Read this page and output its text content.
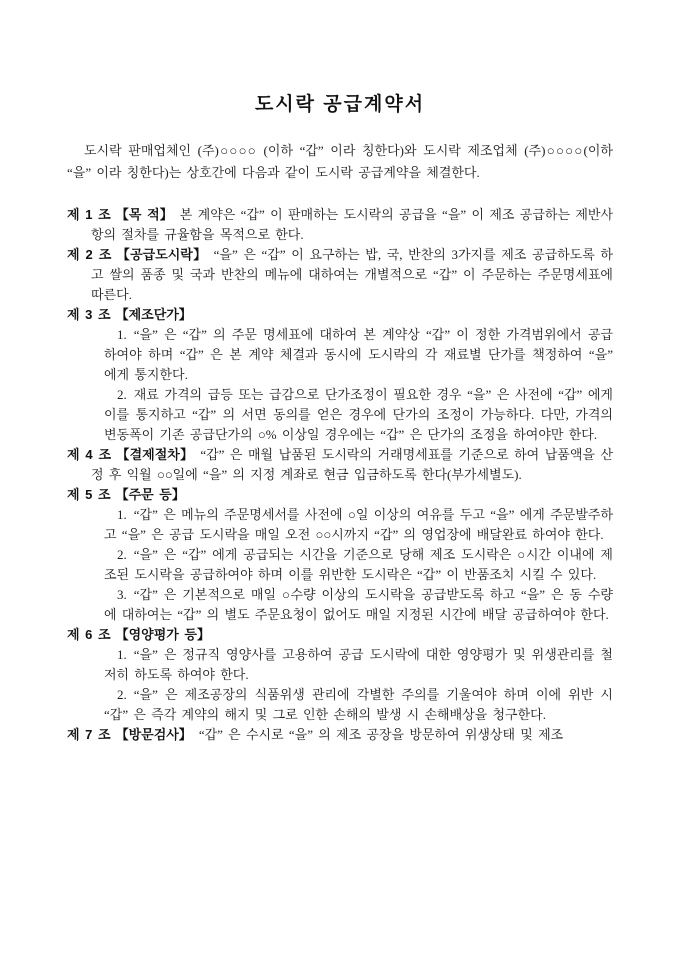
도시락 공급계약서

도시락 판매업체인 (주)○○○○ (이하 “갑” 이라 칭한다)와 도시락 제조업체 (주)○○○○(이하 “을” 이라 칭한다)는 상호간에 다음과 같이 도시락 공급계약을 체결한다.

제 1 조 【목 적】 본 계약은 “갑” 이 판매하는 도시락의 공급을 “을” 이 제조 공급하는 제반사항의 절차를 규율함을 목적으로 한다.

제 2 조 【공급도시락】 “을” 은 “갑” 이 요구하는 밥, 국, 반찬의 3가지를 제조 공급하도록 하고 쌀의 품종 및 국과 반찬의 메뉴에 대하여는 개별적으로 “갑” 이 주문하는 주문명세표에 따른다.

제 3 조 【제조단가】

1. “을” 은 “갑” 의 주문 명세표에 대하여 본 계약상 “갑” 이 정한 가격범위에서 공급하여야 하며 “갑” 은 본 계약 체결과 동시에 도시락의 각 재료별 단가를 책정하여 “을” 에게 통지한다.

2. 재료 가격의 급등 또는 급감으로 단가조정이 필요한 경우 “을” 은 사전에 “갑” 에게 이를 통지하고 “갑” 의 서면 동의를 얻은 경우에 단가의 조정이 가능하다. 다만, 가격의 변동폭이 기존 공급단가의 ○% 이상일 경우에는 “갑” 은 단가의 조정을 하여야만 한다.

제 4 조 【결제절차】 “갑” 은 매월 납품된 도시락의 거래명세표를 기준으로 하여 납품액을 산정 후 익월 ○○일에 “을” 의 지정 계좌로 현금 입금하도록 한다(부가세별도).

제 5 조 【주문 등】

1. “갑” 은 메뉴의 주문명세서를 사전에 ○일 이상의 여유를 두고 “을” 에게 주문발주하고 “을” 은 공급 도시락을 매일 오전 ○○시까지 “갑” 의 영업장에 배달완료 하여야 한다.

2. “을” 은 “갑” 에게 공급되는 시간을 기준으로 당해 제조 도시락은 ○시간 이내에 제조된 도시락을 공급하여야 하며 이를 위반한 도시락은 “갑” 이 반품조치 시킬 수 있다.

3. “갑” 은 기본적으로 매일 ○수량 이상의 도시락을 공급받도록 하고 “을” 은 동 수량에 대하여는 “갑” 의 별도 주문요청이 없어도 매일 지정된 시간에 배달 공급하여야 한다.

제 6 조 【영양평가 등】

1. “을” 은 정규직 영양사를 고용하여 공급 도시락에 대한 영양평가 및 위생관리를 철저히 하도록 하여야 한다.

2. “을” 은 제조공장의 식품위생 관리에 각별한 주의를 기울여야 하며 이에 위반 시 “갑” 은 즉각 계약의 해지 및 그로 인한 손해의 발생 시 손해배상을 청구한다.

제 7 조 【방문검사】 “갑” 은 수시로 “을” 의 제조 공장을 방문하여 위생상태 및 제조
